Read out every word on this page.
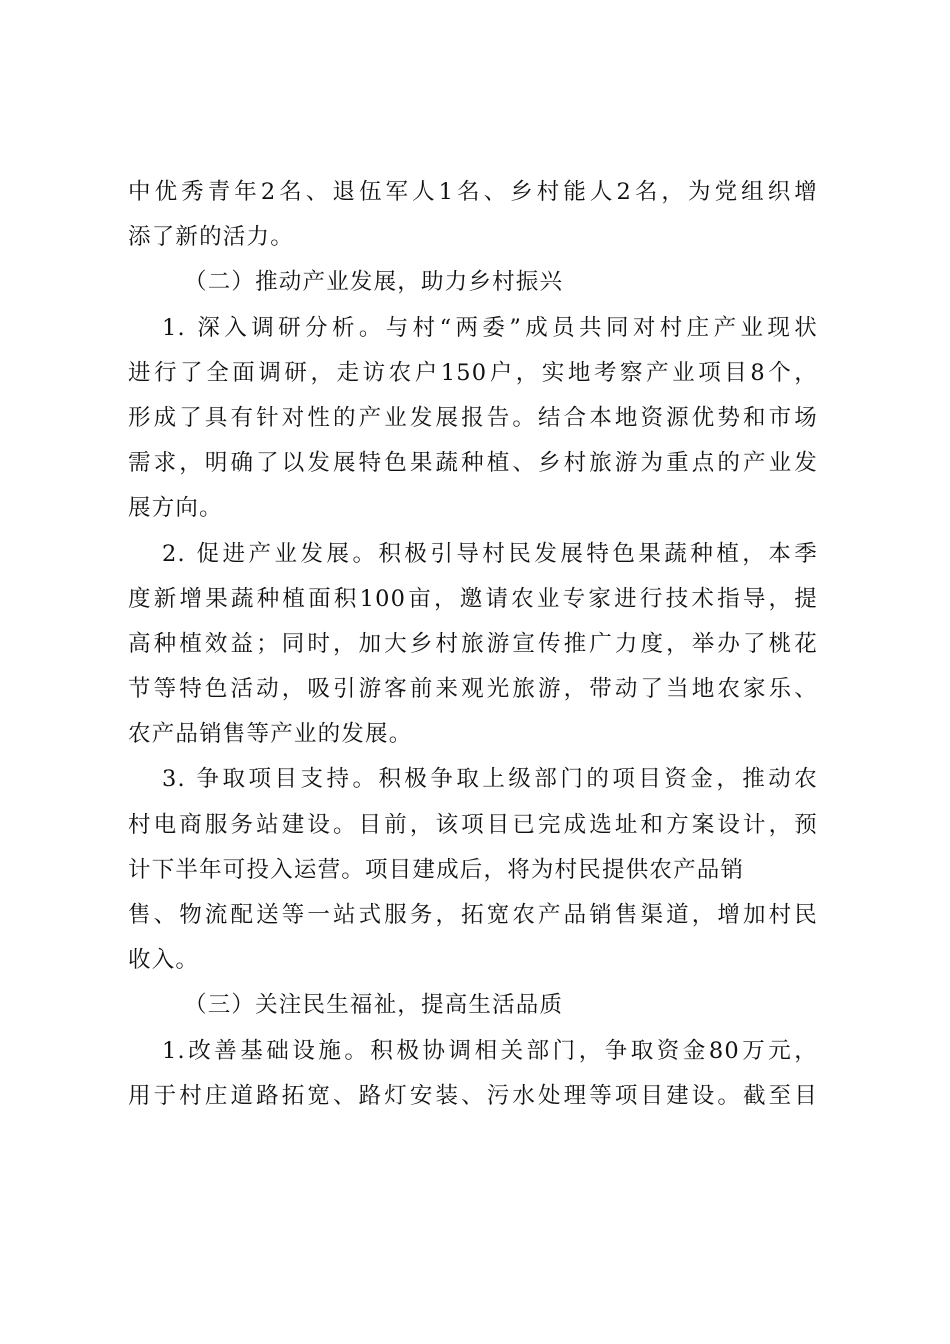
中优秀青年2名、退伍军人1名、乡村能人2名，为党组织增
添了新的活力。
（二）推动产业发展，助力乡村振兴
1. 深入调研分析。与村“两委”成员共同对村庄产业现状
进行了全面调研，走访农户150户，实地考察产业项目8个，
形成了具有针对性的产业发展报告。结合本地资源优势和市场
需求，明确了以发展特色果蔬种植、乡村旅游为重点的产业发
展方向。
2. 促进产业发展。积极引导村民发展特色果蔬种植，本季
度新增果蔬种植面积100亩，邀请农业专家进行技术指导，提
高种植效益；同时，加大乡村旅游宣传推广力度，举办了桃花
节等特色活动，吸引游客前来观光旅游，带动了当地农家乐、
农产品销售等产业的发展。
3. 争取项目支持。积极争取上级部门的项目资金，推动农
村电商服务站建设。目前，该项目已完成选址和方案设计，预
计下半年可投入运营。项目建成后，将为村民提供农产品销
售、物流配送等一站式服务，拓宽农产品销售渠道，增加村民
收入。
（三）关注民生福祉，提高生活品质
1.改善基础设施。积极协调相关部门，争取资金80万元，
用于村庄道路拓宽、路灯安装、污水处理等项目建设。截至目
